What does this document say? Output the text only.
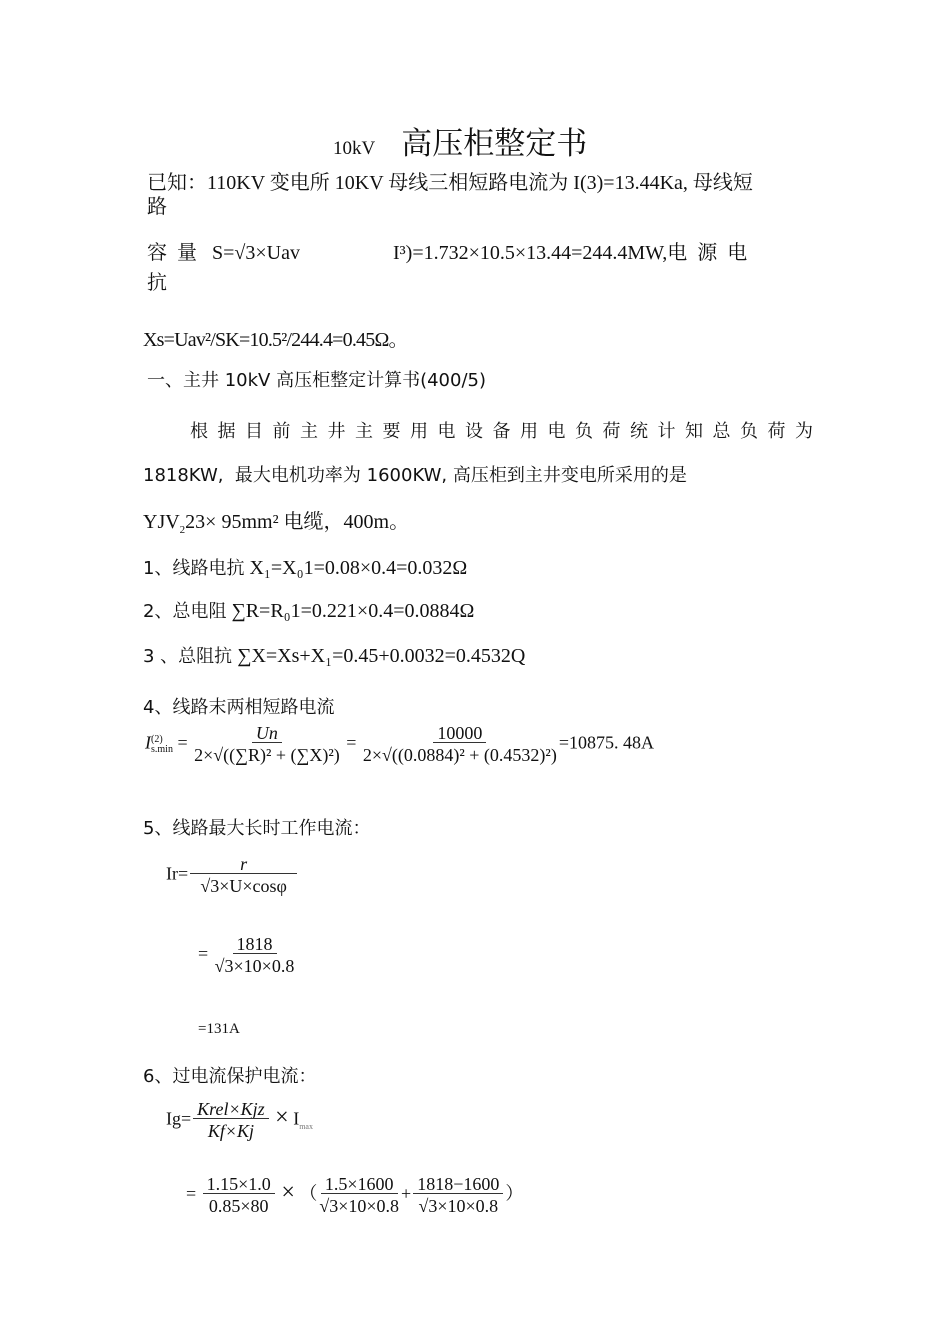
10kV 高压柜整定书
已知：110KV 变电所 10KV 母线三相短路电流为 I(3)=13.44Ka, 母线短
路
容  量   S=√3×Uav	I³)=1.732×10.5×13.44=244.4MW,电  源  电
抗
Xs=Uav²/SK=10.5²/244.4=0.45Ω。
一、主井 10kV 高压柜整定计算书(400/5)
根据目前主井主要用电设备用电负荷统计知总负荷为
1818KW,  最大电机功率为 1600KW, 高压柜到主井变电所采用的是
$YJV_223\times 95mm^2$ 电缆，400m。
1、线路电抗 X₁=X₀1=0.08×0.4=0.032Ω
2、总电阻 ∑R=R₀1=0.221×0.4=0.0884Ω
3 、总阻抗 ∑X=Xs+X₁=0.45+0.0032=0.4532Q
4、线路末两相短路电流
I (2)
$s.\min = \frac{Un}{\text{2×√((∑R)² + (∑X)²)}} = \frac{10000}{\text{2×√((0.0884)² + (0.4532)²)}} =10875$. 48A
5、线路最大长时工作电流：
$Ir= \frac{r}{√3\times U\times\cos\varphi}$
= $\frac{1818}{√3\times 10\times 0.8}$
=131A
6、过电流保护电流：
$Ig= \frac{\text{Krel×Kjz}}{Kf\times Kj} \times I_{max}$
= $\frac{1.15\times 1.0}{0.85\times 80}$ × （ $\frac{1.5\times 1600}{√3\times 10\times 0.8} + \frac{1818-1600}{√3\times 10\times 0.8}$ ）
